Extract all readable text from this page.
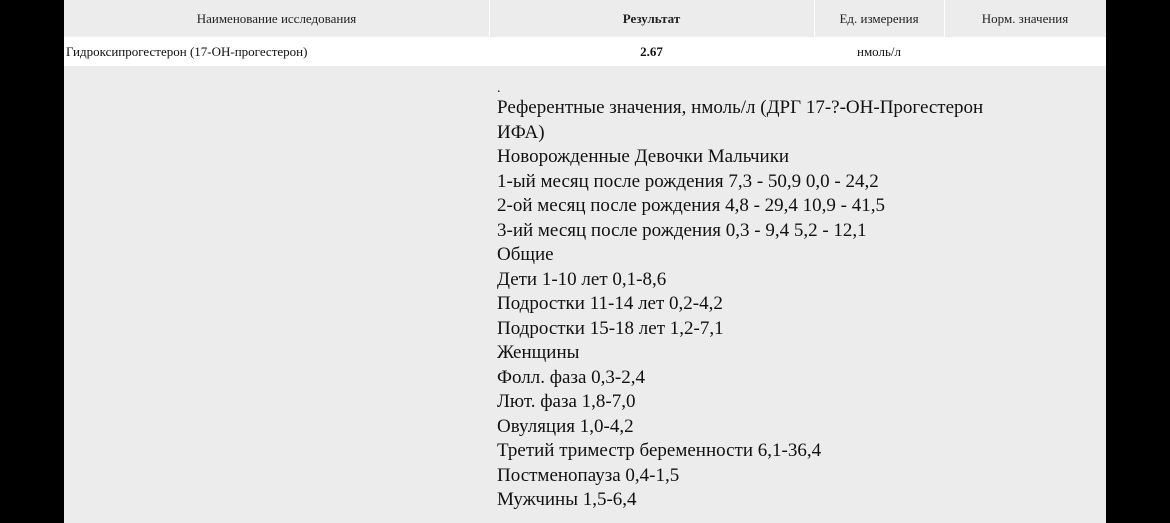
Наименование исследования	Результат	Ед. измерения	Норм. значения
Гидроксипрогестерон (17-ОН-прогестерон)	2.67	нмоль/л
.
Референтные значения, нмоль/л (ДРГ 17-?-ОН-Прогестерон
ИФА)
Новорожденные Девочки Мальчики
1-ый месяц после рождения 7,3 - 50,9 0,0 - 24,2
2-ой месяц после рождения 4,8 - 29,4 10,9 - 41,5
3-ий месяц после рождения 0,3 - 9,4 5,2 - 12,1
Общие
Дети 1-10 лет 0,1-8,6
Подростки 11-14 лет 0,2-4,2
Подростки 15-18 лет 1,2-7,1
Женщины
Фолл. фаза 0,3-2,4
Лют. фаза 1,8-7,0
Овуляция 1,0-4,2
Третий триместр беременности 6,1-36,4
Постменопауза 0,4-1,5
Мужчины 1,5-6,4
